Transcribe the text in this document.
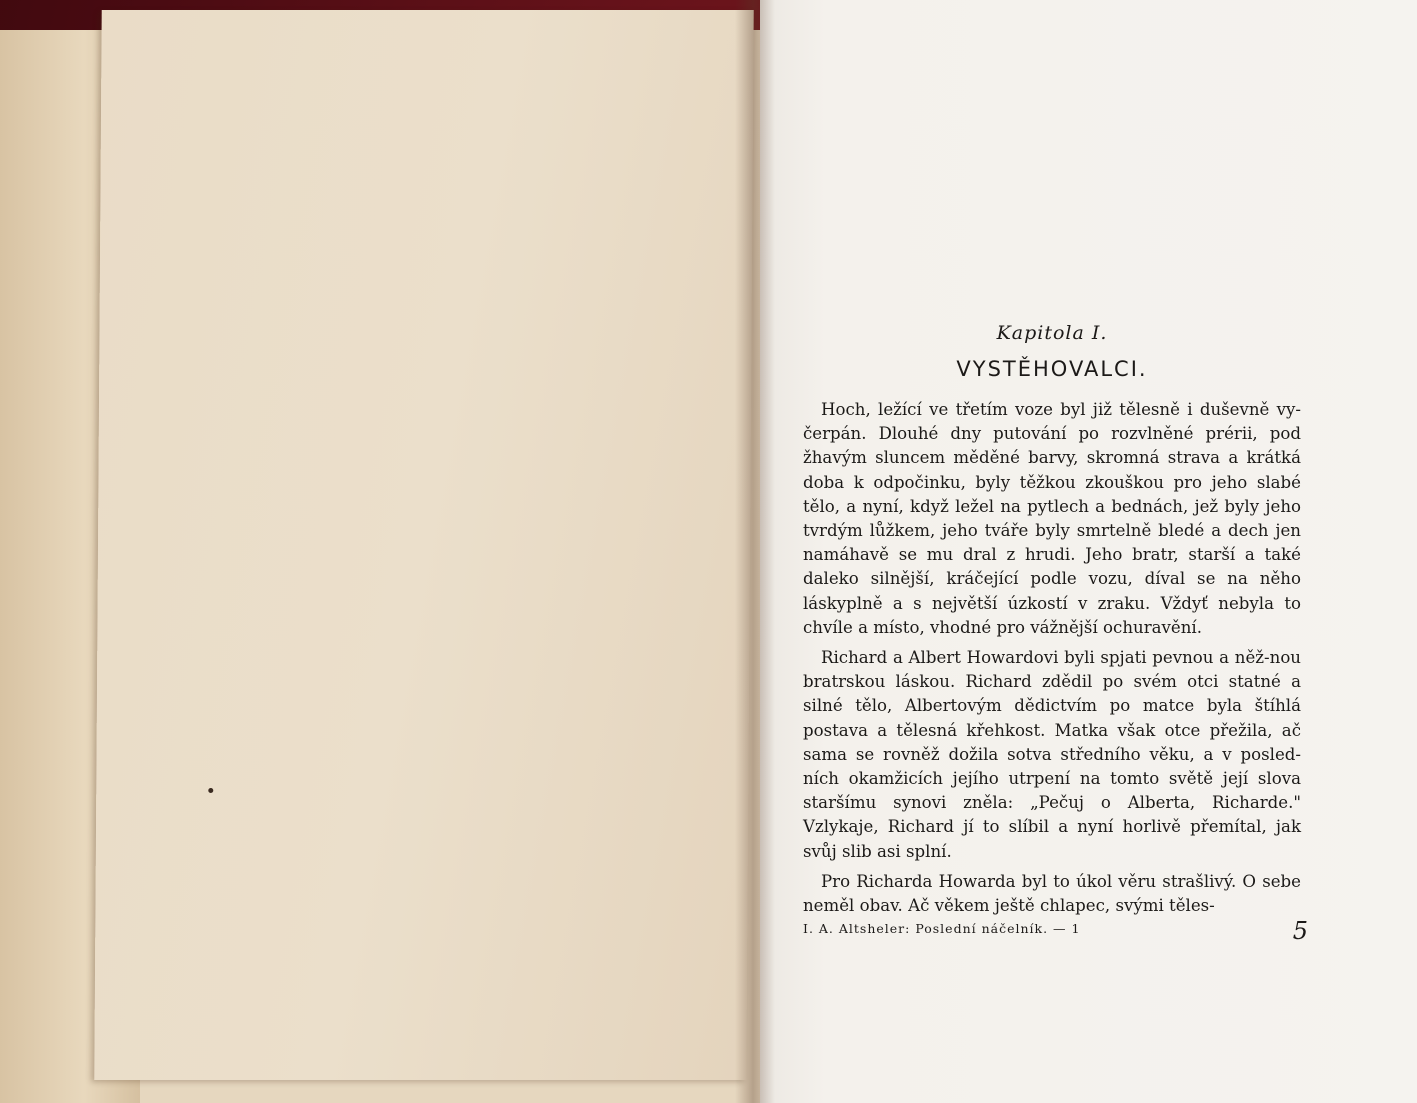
Kapitola I.

VYSTĚHOVALCI.

Hoch, ležící ve třetím voze byl již tělesně i duševně vy-čerpán. Dlouhé dny putování po rozvlněné prérii, pod žhavým sluncem měděné barvy, skromná strava a krátká doba k odpočinku, byly těžkou zkouškou pro jeho slabé tělo, a nyní, když ležel na pytlech a bednách, jež byly jeho tvrdým lůžkem, jeho tváře byly smrtelně bledé a dech jen namáhavě se mu dral z hrudi. Jeho bratr, starší a také daleko silnější, kráčející podle vozu, díval se na něho láskyplně a s největší úzkostí v zraku. Vždyť nebyla to chvíle a místo, vhodné pro vážnější ochuravění.

Richard a Albert Howardovi byli spjati pevnou a něž-nou bratrskou láskou. Richard zdědil po svém otci statné a silné tělo, Albertovým dědictvím po matce byla štíhlá postava a tělesná křehkost. Matka však otce přežila, ač sama se rovněž dožila sotva středního věku, a v posled-ních okamžicích jejího utrpení na tomto světě její slova staršímu synovi zněla: „Pečuj o Alberta, Richarde." Vzlykaje, Richard jí to slíbil a nyní horlivě přemítal, jak svůj slib asi splní.

Pro Richarda Howarda byl to úkol věru strašlivý. O sebe neměl obav. Ač věkem ještě chlapec, svými těles-

I. A. Altsheler: Poslední náčelník. — 1	5
